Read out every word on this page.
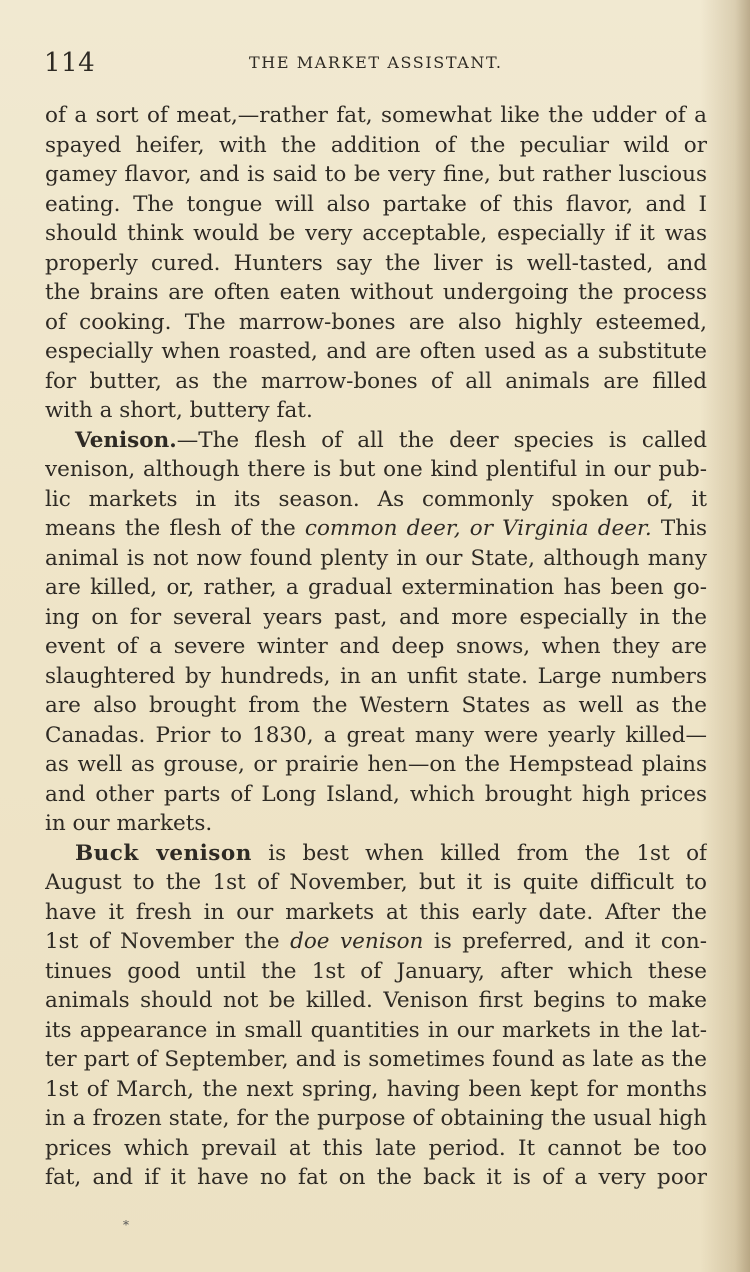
114	THE MARKET ASSISTANT.
of a sort of meat,—rather fat, somewhat like the udder of a
spayed heifer, with the addition of the peculiar wild or
gamey flavor, and is said to be very fine, but rather luscious
eating. The tongue will also partake of this flavor, and I
should think would be very acceptable, especially if it was
properly cured. Hunters say the liver is well-tasted, and
the brains are often eaten without undergoing the process
of cooking. The marrow-bones are also highly esteemed,
especially when roasted, and are often used as a substitute
for butter, as the marrow-bones of all animals are filled
with a short, buttery fat.
Venison.—The flesh of all the deer species is called
venison, although there is but one kind plentiful in our pub-
lic markets in its season. As commonly spoken of, it
means the flesh of the common deer, or Virginia deer. This
animal is not now found plenty in our State, although many
are killed, or, rather, a gradual extermination has been go-
ing on for several years past, and more especially in the
event of a severe winter and deep snows, when they are
slaughtered by hundreds, in an unfit state. Large numbers
are also brought from the Western States as well as the
Canadas. Prior to 1830, a great many were yearly killed—
as well as grouse, or prairie hen—on the Hempstead plains
and other parts of Long Island, which brought high prices
in our markets.
Buck venison is best when killed from the 1st of
August to the 1st of November, but it is quite difficult to
have it fresh in our markets at this early date. After the
1st of November the doe venison is preferred, and it con-
tinues good until the 1st of January, after which these
animals should not be killed. Venison first begins to make
its appearance in small quantities in our markets in the lat-
ter part of September, and is sometimes found as late as the
1st of March, the next spring, having been kept for months
in a frozen state, for the purpose of obtaining the usual high
prices which prevail at this late period. It cannot be too
fat, and if it have no fat on the back it is of a very poor
*
